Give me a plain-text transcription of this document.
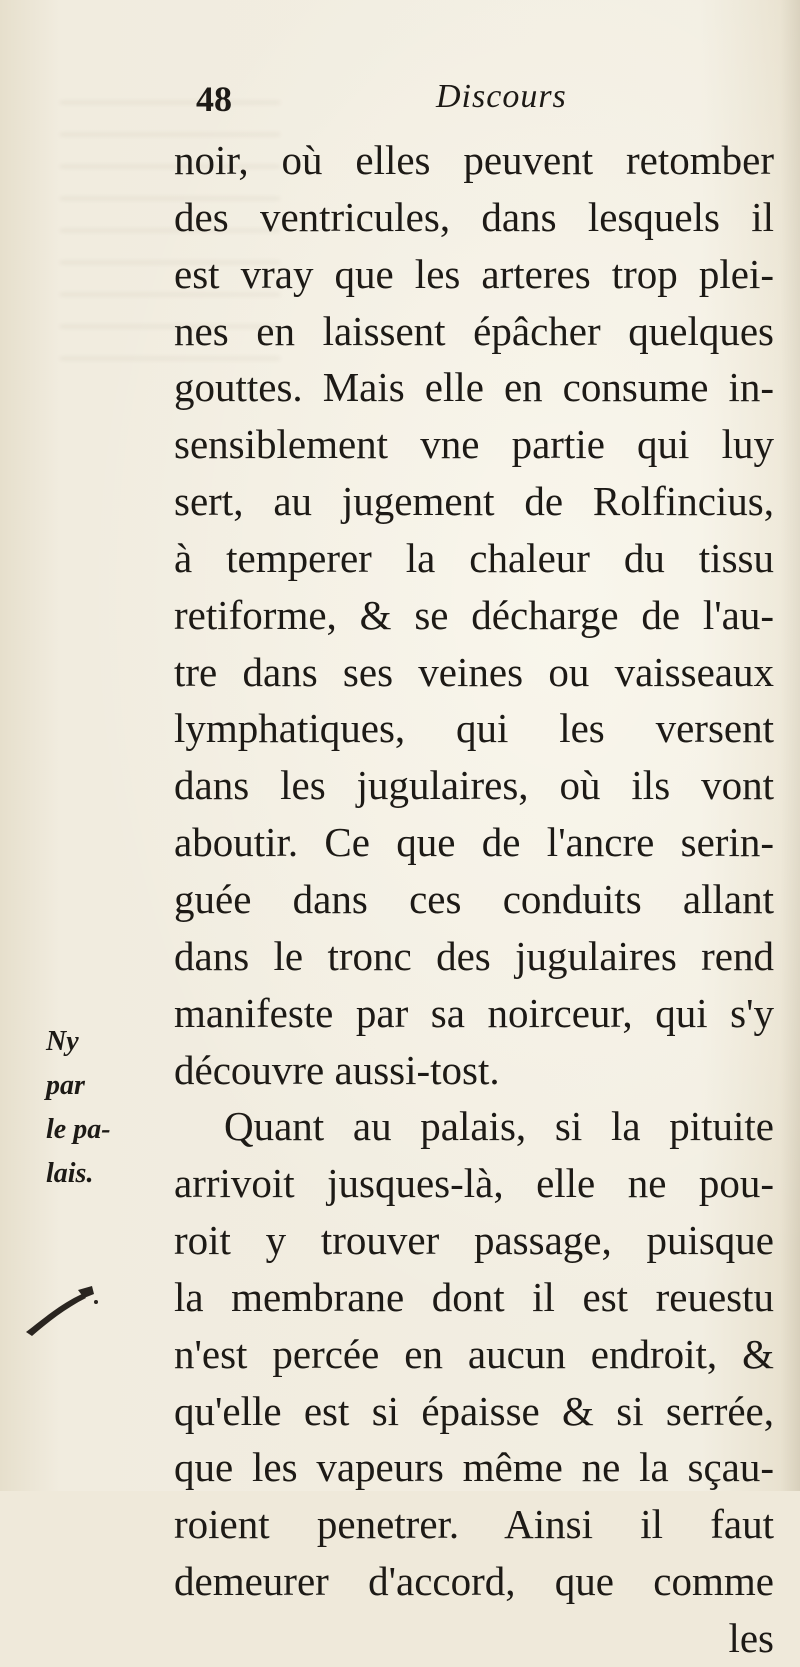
48	Discours
noir, où elles peuvent retomber
des ventricules, dans lesquels il
est vray que les arteres trop plei-
nes en laissent épâcher quelques
gouttes. Mais elle en consume in-
sensiblement vne partie qui luy
sert, au jugement de Rolfincius,
à temperer la chaleur du tissu
retiforme, & se décharge de l'au-
tre dans ses veines ou vaisseaux
lymphatiques, qui les versent
dans les jugulaires, où ils vont
aboutir. Ce que de l'ancre serin-
guée dans ces conduits allant
dans le tronc des jugulaires rend
manifeste par sa noirceur, qui s'y
découvre aussi-tost.
Quant au palais, si la pituite
arrivoit jusques-là, elle ne pou-
roit y trouver passage, puisque
la membrane dont il est reuestu
n'est percée en aucun endroit, &
qu'elle est si épaisse & si serrée,
que les vapeurs même ne la sçau-
roient penetrer. Ainsi il faut
demeurer d'accord, que comme
les
Ny
par
le pa-
lais.
